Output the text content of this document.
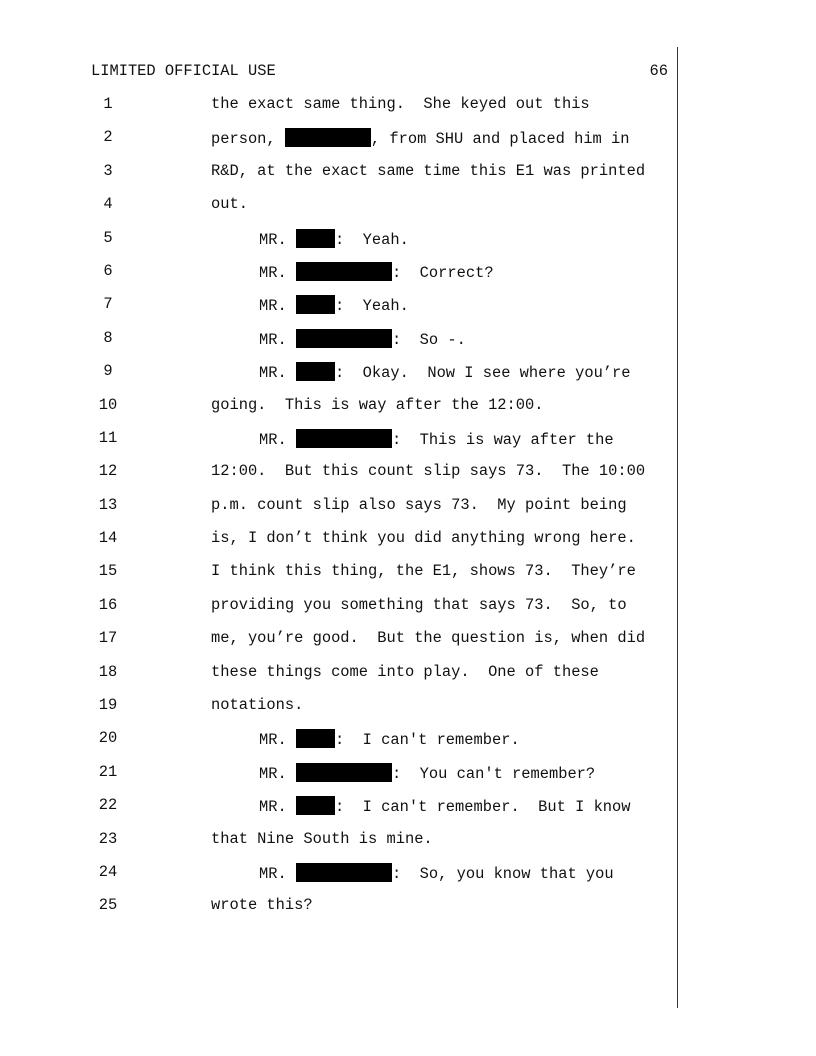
LIMITED OFFICIAL USE	66
1	the exact same thing.  She keyed out this
2	person,	, from SHU and placed him in
3	R&D, at the exact same time this E1 was printed
4	out.
5	MR.	:  Yeah.
6	MR.	:  Correct?
7	MR.	:  Yeah.
8	MR.	:  So -.
9	MR.	:  Okay.  Now I see where you’re
10	going.  This is way after the 12:00.
11	MR.	:  This is way after the
12	12:00.  But this count slip says 73.  The 10:00
13	p.m. count slip also says 73.  My point being
14	is, I don’t think you did anything wrong here.
15	I think this thing, the E1, shows 73.  They’re
16	providing you something that says 73.  So, to
17	me, you’re good.  But the question is, when did
18	these things come into play.  One of these
19	notations.
20	MR.	:  I can't remember.
21	MR.	:  You can't remember?
22	MR.	:  I can't remember.  But I know
23	that Nine South is mine.
24	MR.	:  So, you know that you
25	wrote this?
